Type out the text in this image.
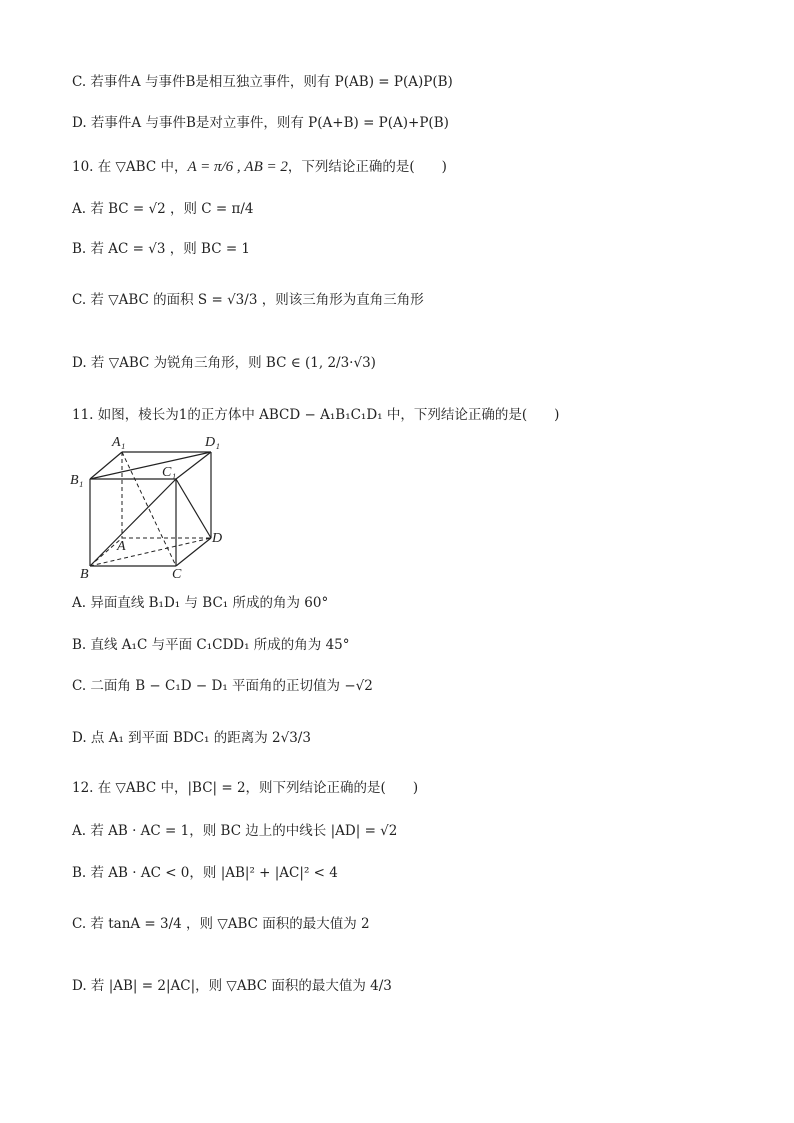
C. 若事件A 与事件B是相互独立事件，则有 P(AB) = P(A)P(B)
D. 若事件A 与事件B是对立事件，则有 P(A+B) = P(A)+P(B)
10. 在 ▽ABC 中， A = π/6 , AB = 2 ，下列结论正确的是(　　)
A. 若 BC = √2 ，则 C = π/4
B. 若 AC = √3 ，则 BC = 1
C. 若 ▽ABC 的面积 S = √3/3 ，则该三角形为直角三角形
D. 若 ▽ABC 为锐角三角形，则 BC ∈ (1, 2/3·√3)
11. 如图，棱长为1的正方体中 ABCD − A₁B₁C₁D₁ 中，下列结论正确的是(　　)
A₁	D₁
B₁
C₁
A
D
B	C
A. 异面直线 B₁D₁ 与 BC₁ 所成的角为 60°
B. 直线 A₁C 与平面 C₁CDD₁ 所成的角为 45°
C. 二面角 B − C₁D − D₁ 平面角的正切值为 −√2
D. 点 A₁ 到平面 BDC₁ 的距离为 2√3/3
12. 在 ▽ABC 中，|BC| = 2，则下列结论正确的是(　　)
A. 若 AB · AC = 1，则 BC 边上的中线长 |AD| = √2
B. 若 AB · AC < 0，则 |AB|² + |AC|² < 4
C. 若 tanA = 3/4 ，则 ▽ABC 面积的最大值为 2
D. 若 |AB| = 2|AC|，则 ▽ABC 面积的最大值为 4/3
